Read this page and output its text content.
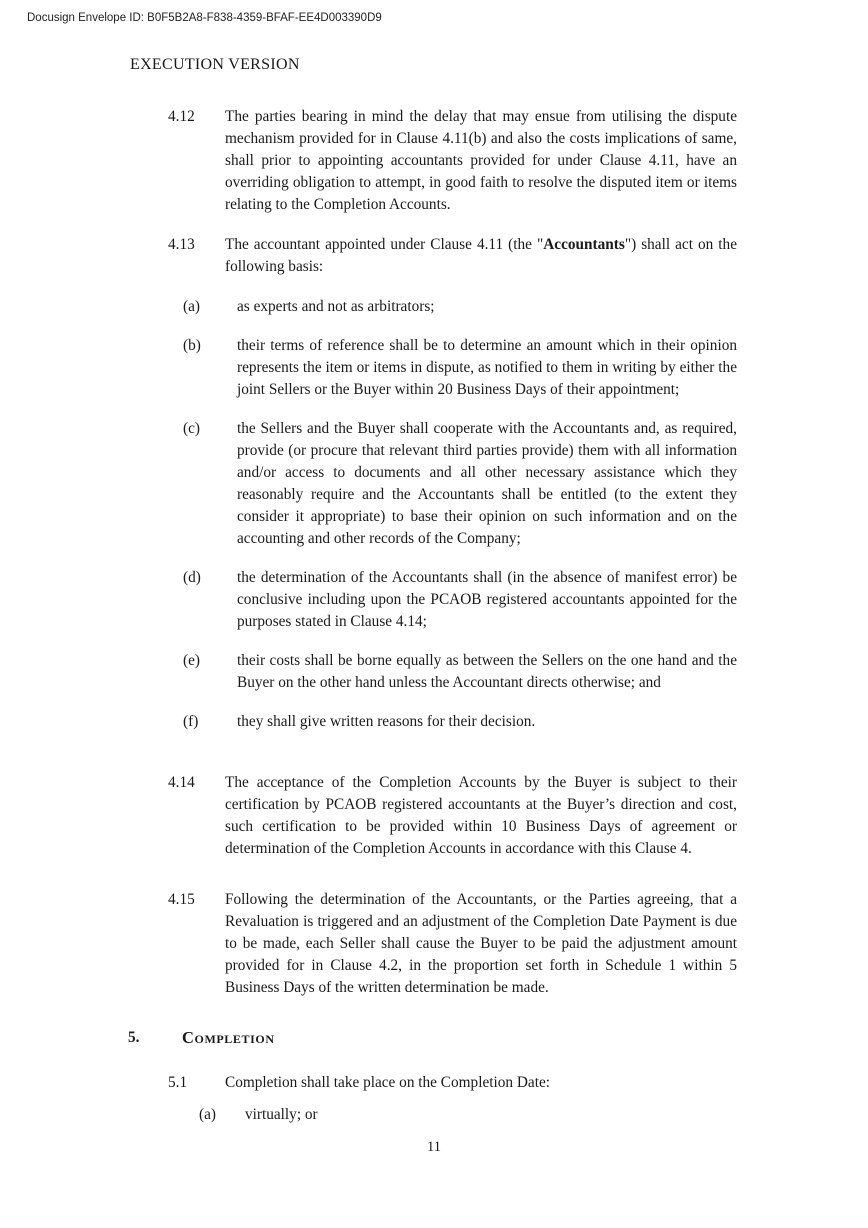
Docusign Envelope ID: B0F5B2A8-F838-4359-BFAF-EE4D003390D9
EXECUTION VERSION
4.12 The parties bearing in mind the delay that may ensue from utilising the dispute mechanism provided for in Clause 4.11(b) and also the costs implications of same, shall prior to appointing accountants provided for under Clause 4.11, have an overriding obligation to attempt, in good faith to resolve the disputed item or items relating to the Completion Accounts.
4.13 The accountant appointed under Clause 4.11 (the "Accountants") shall act on the following basis:
(a) as experts and not as arbitrators;
(b) their terms of reference shall be to determine an amount which in their opinion represents the item or items in dispute, as notified to them in writing by either the joint Sellers or the Buyer within 20 Business Days of their appointment;
(c) the Sellers and the Buyer shall cooperate with the Accountants and, as required, provide (or procure that relevant third parties provide) them with all information and/or access to documents and all other necessary assistance which they reasonably require and the Accountants shall be entitled (to the extent they consider it appropriate) to base their opinion on such information and on the accounting and other records of the Company;
(d) the determination of the Accountants shall (in the absence of manifest error) be conclusive including upon the PCAOB registered accountants appointed for the purposes stated in Clause 4.14;
(e) their costs shall be borne equally as between the Sellers on the one hand and the Buyer on the other hand unless the Accountant directs otherwise; and
(f)	they shall give written reasons for their decision.
4.14 The acceptance of the Completion Accounts by the Buyer is subject to their certification by PCAOB registered accountants at the Buyer’s direction and cost, such certification to be provided within 10 Business Days of agreement or determination of the Completion Accounts in accordance with this Clause 4.
4.15 Following the determination of the Accountants, or the Parties agreeing, that a Revaluation is triggered and an adjustment of the Completion Date Payment is due to be made, each Seller shall cause the Buyer to be paid the adjustment amount provided for in Clause 4.2, in the proportion set forth in Schedule 1 within 5 Business Days of the written determination be made.
5.	Completion
5.1 Completion shall take place on the Completion Date:
(a) virtually; or
11
